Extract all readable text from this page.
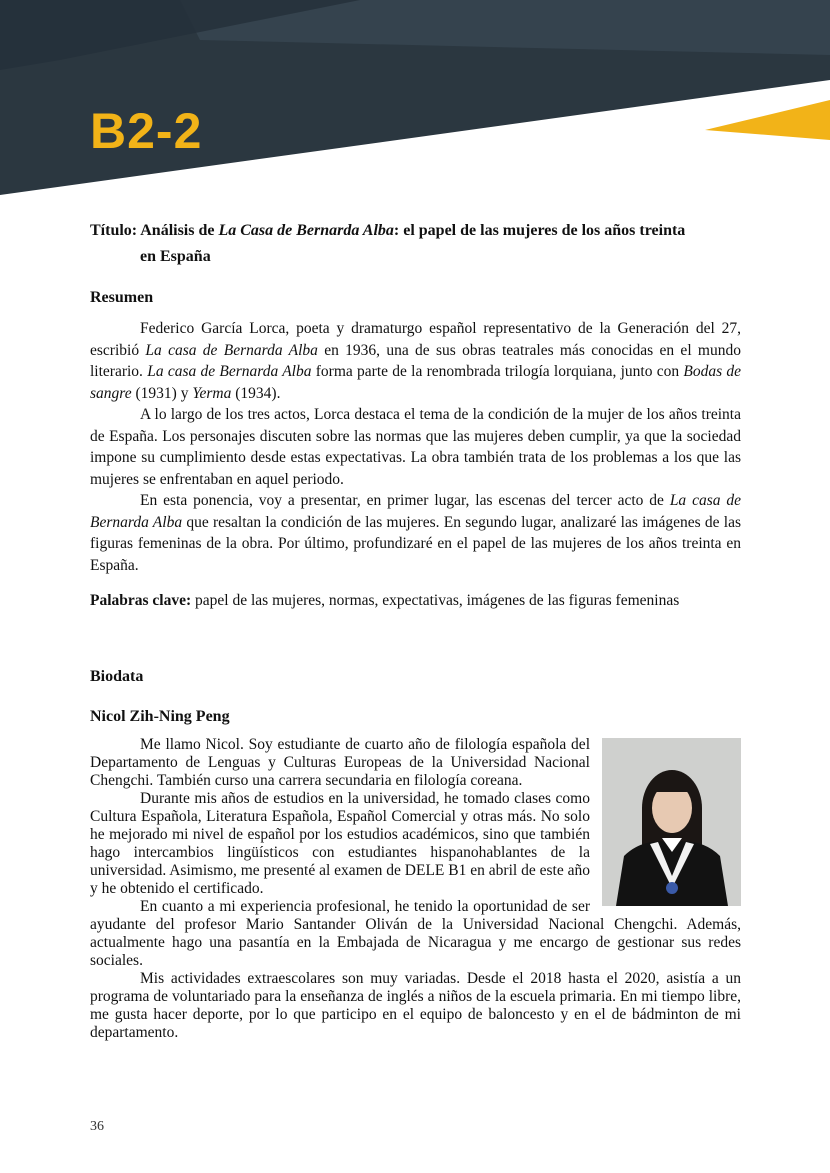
B2-2
Título: Análisis de La Casa de Bernarda Alba: el papel de las mujeres de los años treinta
en España
Resumen

Federico García Lorca, poeta y dramaturgo español representativo de la Generación del 27, escribió La casa de Bernarda Alba en 1936, una de sus obras teatrales más conocidas en el mundo literario. La casa de Bernarda Alba forma parte de la renombrada trilogía lorquiana, junto con Bodas de sangre (1931) y Yerma (1934).

A lo largo de los tres actos, Lorca destaca el tema de la condición de la mujer de los años treinta de España. Los personajes discuten sobre las normas que las mujeres deben cumplir, ya que la sociedad impone su cumplimiento desde estas expectativas. La obra también trata de los problemas a los que las mujeres se enfrentaban en aquel periodo.

En esta ponencia, voy a presentar, en primer lugar, las escenas del tercer acto de La casa de Bernarda Alba que resaltan la condición de las mujeres. En segundo lugar, analizaré las imágenes de las figuras femeninas de la obra. Por último, profundizaré en el papel de las mujeres de los años treinta en España.

Palabras clave: papel de las mujeres, normas, expectativas, imágenes de las figuras femeninas
Biodata
Nicol Zih-Ning Peng

Me llamo Nicol. Soy estudiante de cuarto año de filología española del Departamento de Lenguas y Culturas Europeas de la Universidad Nacional Chengchi. También curso una carrera secundaria en filología coreana.

Durante mis años de estudios en la universidad, he tomado clases como Cultura Española, Literatura Española, Español Comercial y otras más. No solo he mejorado mi nivel de español por los estudios académicos, sino que también hago intercambios lingüísticos con estudiantes hispanohablantes de la universidad. Asimismo, me presenté al examen de DELE B1 en abril de este año y he obtenido el certificado.

En cuanto a mi experiencia profesional, he tenido la oportunidad de ser ayudante del profesor Mario Santander Oliván de la Universidad Nacional Chengchi. Además, actualmente hago una pasantía en la Embajada de Nicaragua y me encargo de gestionar sus redes sociales.

Mis actividades extraescolares son muy variadas. Desde el 2018 hasta el 2020, asistía a un programa de voluntariado para la enseñanza de inglés a niños de la escuela primaria. En mi tiempo libre, me gusta hacer deporte, por lo que participo en el equipo de baloncesto y en el de bádminton de mi departamento.

36
